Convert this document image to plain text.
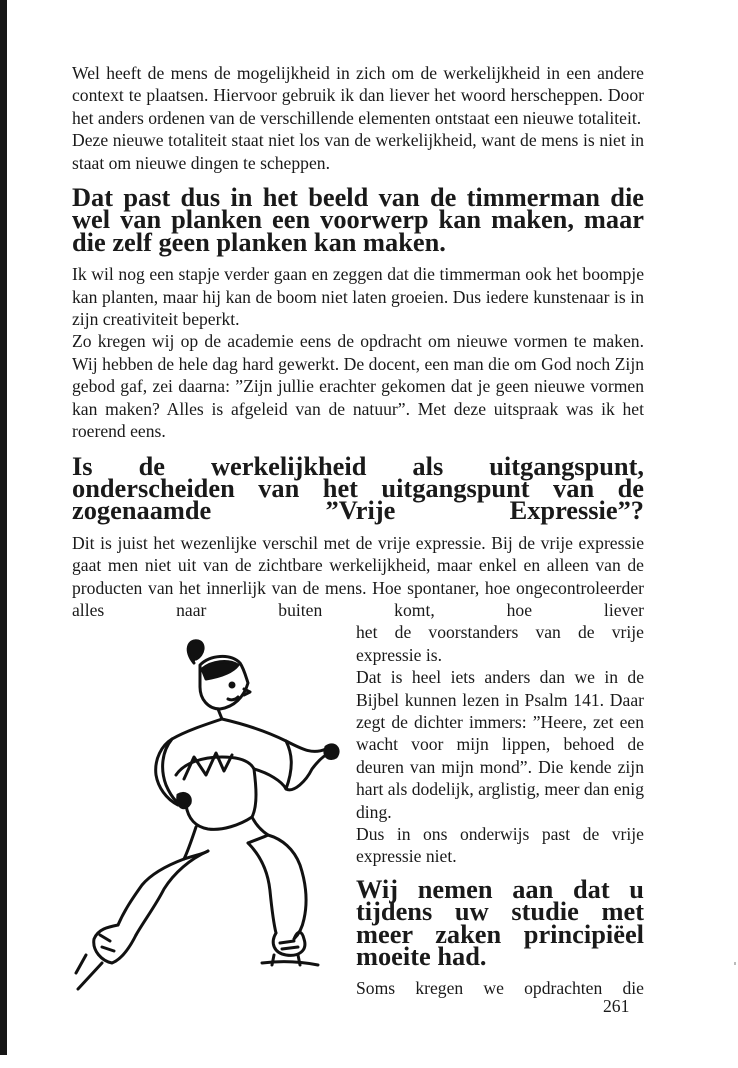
Wel heeft de mens de mogelijkheid in zich om de werkelijkheid in een andere context te plaatsen. Hiervoor gebruik ik dan liever het woord herscheppen. Door het anders ordenen van de verschillende elementen ontstaat een nieuwe totaliteit.

Deze nieuwe totaliteit staat niet los van de werkelijkheid, want de mens is niet in staat om nieuwe dingen te scheppen.

Dat past dus in het beeld van de timmerman die wel van planken een voorwerp kan maken, maar die zelf geen planken kan maken.

Ik wil nog een stapje verder gaan en zeggen dat die timmerman ook het boompje kan planten, maar hij kan de boom niet laten groeien. Dus iedere kunstenaar is in zijn creativiteit beperkt.

Zo kregen wij op de academie eens de opdracht om nieuwe vormen te maken. Wij hebben de hele dag hard gewerkt. De docent, een man die om God noch Zijn gebod gaf, zei daarna: ”Zijn jullie erachter gekomen dat je geen nieuwe vormen kan maken? Alles is afgeleid van de natuur”. Met deze uitspraak was ik het roerend eens.

Is de werkelijkheid als uitgangspunt, onderscheiden van het uitgangspunt van de zogenaamde ”Vrije Expressie”?

Dit is juist het wezenlijke verschil met de vrije expressie. Bij de vrije expressie gaat men niet uit van de zichtbare werkelijkheid, maar enkel en alleen van de producten van het innerlijk van de mens. Hoe spontaner, hoe ongecontroleerder alles naar buiten komt, hoe liever

het de voorstanders van de vrije expressie is.

Dat is heel iets anders dan we in de Bijbel kunnen lezen in Psalm 141. Daar zegt de dichter immers: ”Heere, zet een wacht voor mijn lippen, behoed de deuren van mijn mond”. Die kende zijn hart als dodelijk, arglistig, meer dan enig ding.

Dus in ons onderwijs past de vrije expressie niet.

Wij nemen aan dat u tijdens uw studie met meer zaken principiëel moeite had.

Soms kregen we opdrachten die

261
